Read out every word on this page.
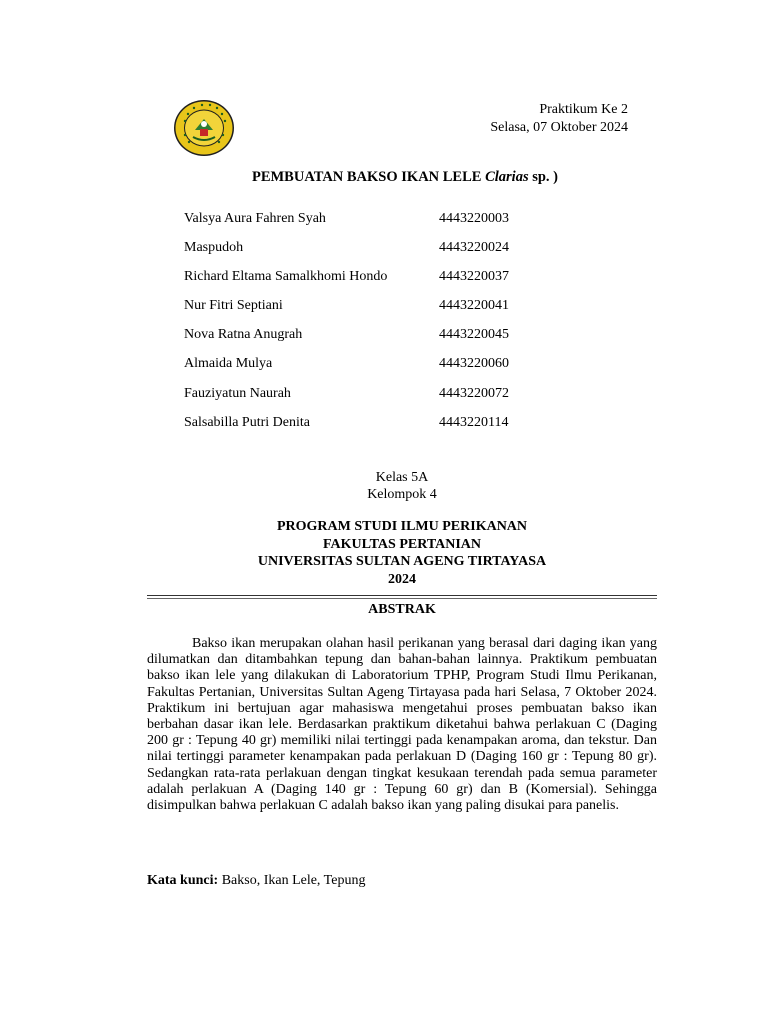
Praktikum Ke 2
Selasa, 07 Oktober 2024
PEMBUATAN BAKSO IKAN LELE Clarias sp. )
Valsya Aura Fahren Syah	4443220003
Maspudoh	4443220024
Richard Eltama Samalkhomi Hondo	4443220037
Nur Fitri Septiani	4443220041
Nova Ratna Anugrah	4443220045
Almaida Mulya	4443220060
Fauziyatun Naurah	4443220072
Salsabilla Putri Denita	4443220114
Kelas 5A
Kelompok 4
PROGRAM STUDI ILMU PERIKANAN
FAKULTAS PERTANIAN
UNIVERSITAS SULTAN AGENG TIRTAYASA
2024
ABSTRAK
Bakso ikan merupakan olahan hasil perikanan yang berasal dari daging ikan yang dilumatkan dan ditambahkan tepung dan bahan-bahan lainnya. Praktikum pembuatan bakso ikan lele yang dilakukan di Laboratorium TPHP, Program Studi Ilmu Perikanan, Fakultas Pertanian, Universitas Sultan Ageng Tirtayasa pada hari Selasa, 7 Oktober 2024. Praktikum ini bertujuan agar mahasiswa mengetahui proses pembuatan bakso ikan berbahan dasar ikan lele. Berdasarkan praktikum diketahui bahwa perlakuan C (Daging 200 gr : Tepung 40 gr) memiliki nilai tertinggi pada kenampakan aroma, dan tekstur. Dan nilai tertinggi parameter kenampakan pada perlakuan D (Daging 160 gr : Tepung 80 gr). Sedangkan rata-rata perlakuan dengan tingkat kesukaan terendah pada semua parameter adalah perlakuan A (Daging 140 gr : Tepung 60 gr) dan B (Komersial). Sehingga disimpulkan bahwa perlakuan C adalah bakso ikan yang paling disukai para panelis.
Kata kunci: Bakso, Ikan Lele, Tepung
